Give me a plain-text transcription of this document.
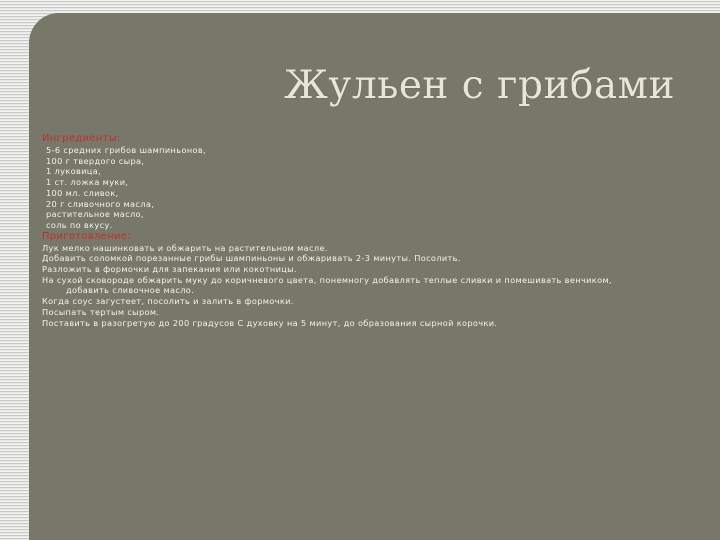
Жульен с грибами
Ингредиенты:
5-6 средних грибов шампиньонов,
100 г твердого сыра,
1 луковица,
1 ст. ложка муки,
100 мл. сливок,
20 г сливочного масла,
растительное масло,
соль по вкусу.
Приготовление:
Лук мелко нашинковать и обжарить на растительном масле.
Добавить соломкой порезанные грибы шампиньоны и обжаривать 2-3 минуты. Посолить.
Разложить в формочки для запекания или кокотницы.
На сухой сковороде обжарить муку до коричневого цвета, понемногу добавлять теплые сливки и помешивать венчиком,
добавить сливочное масло.
Когда соус загустеет, посолить и залить в формочки.
Посыпать тертым сыром.
Поставить в разогретую до 200 градусов С духовку на 5 минут, до образования сырной корочки.
